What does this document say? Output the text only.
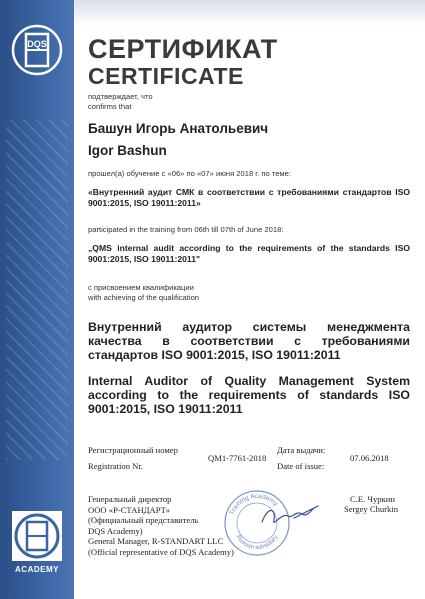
DQS
ACADEMY
СЕРТИФИКАТ
CERTIFICATE
подтверждает, что
confirms that
Башун Игорь Анатольевич
Igor Bashun
прошел(а) обучение с «06» по «07» июня 2018 г. по теме:
«Внутренний аудит СМК в соответствии с требованиями стандартов ISO 9001:2015, ISO 19011:2011»
participated in the training from 06th till 07th of June 2018:
„QMS internal audit according to the requirements of the standards ISO 9001:2015, ISO 19011:2011"
с присвоением квалификации
with achieving of the qualification
Внутренний аудитор системы менеджмента качества в соответствии с требованиями стандартов ISO 9001:2015, ISO 19011:2011
Internal Auditor of Quality Management System according to the requirements of standards ISO 9001:2015, ISO 19011:2011
Регистрационный номер
Registration Nr.
QM1-7761-2018
Дата выдачи:
Date of issue:
07.06.2018
Генеральный директор
ООО «Р-СТАНДАРТ»
(Официальный представитель
DQS Academy)
General Manager, R-STANDART LLC
(Official representative of DQS Academy)
С.Е. Чуркин
Sergey Churkin
Training Academy
Russian subsidiary
